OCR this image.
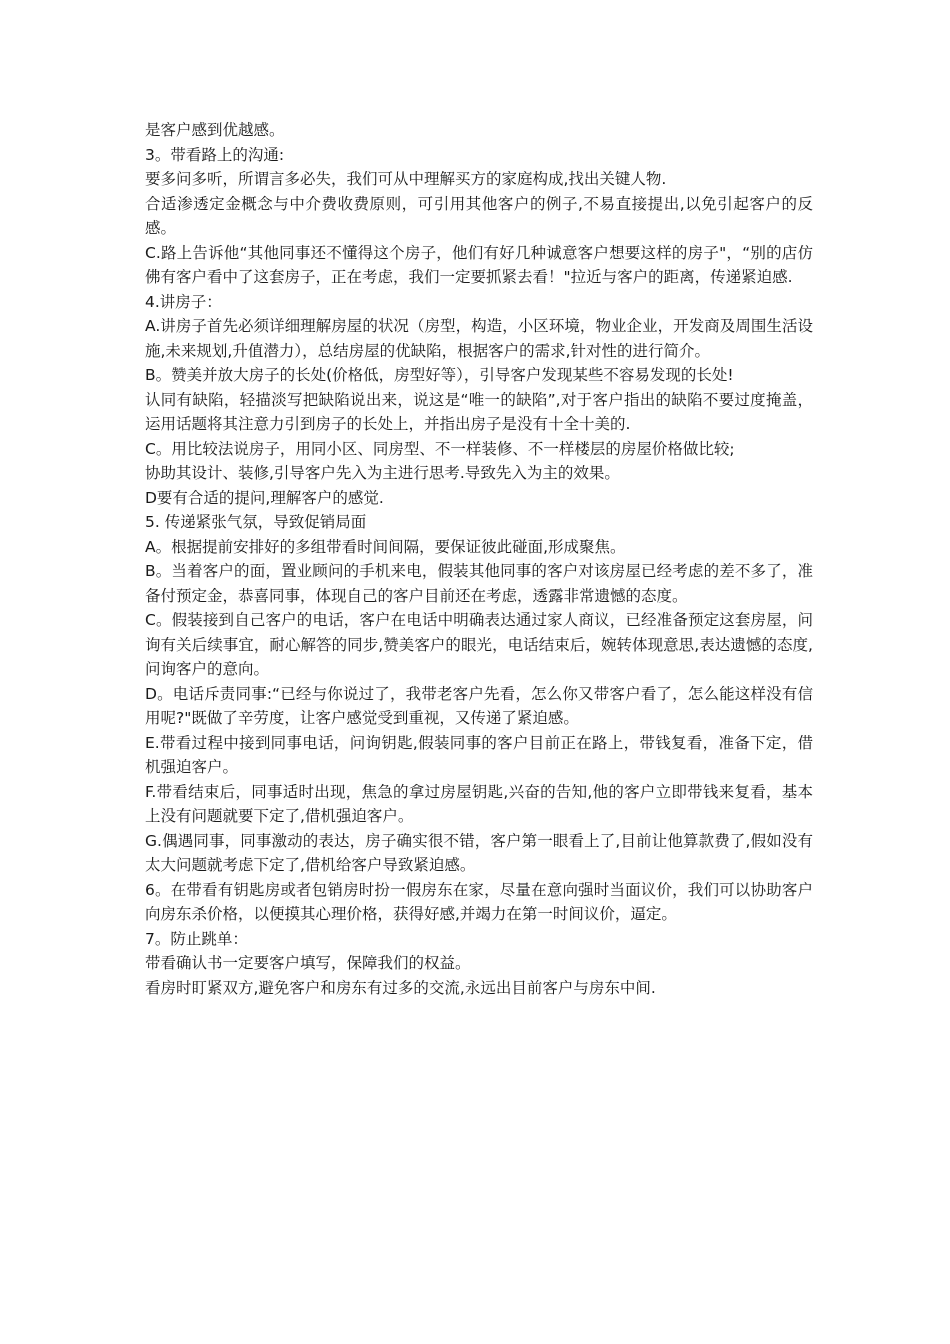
是客户感到优越感。

3。带看路上的沟通:

要多问多听，所谓言多必失，我们可从中理解买方的家庭构成,找出关键人物.

合适渗透定金概念与中介费收费原则，可引用其他客户的例子,不易直接提出,以免引起客户的反感。

C.路上告诉他“其他同事还不懂得这个房子，他们有好几种诚意客户想要这样的房子"，“别的店仿佛有客户看中了这套房子，正在考虑，我们一定要抓紧去看！"拉近与客户的距离，传递紧迫感.

4.讲房子：

A.讲房子首先必须详细理解房屋的状况（房型，构造，小区环境，物业企业，开发商及周围生活设施,未来规划,升值潜力），总结房屋的优缺陷，根据客户的需求,针对性的进行简介。

B。赞美并放大房子的长处(价格低，房型好等），引导客户发现某些不容易发现的长处!

认同有缺陷，轻描淡写把缺陷说出来，说这是“唯一的缺陷”,对于客户指出的缺陷不要过度掩盖，运用话题将其注意力引到房子的长处上，并指出房子是没有十全十美的.

C。用比较法说房子，用同小区、同房型、不一样装修、不一样楼层的房屋价格做比较;

协助其设计、装修,引导客户先入为主进行思考.导致先入为主的效果。

D要有合适的提问,理解客户的感觉.

5. 传递紧张气氛，导致促销局面

A。根据提前安排好的多组带看时间间隔，要保证彼此碰面,形成聚焦。

B。当着客户的面，置业顾问的手机来电，假装其他同事的客户对该房屋已经考虑的差不多了，准备付预定金，恭喜同事，体现自己的客户目前还在考虑，透露非常遗憾的态度。

C。假装接到自己客户的电话，客户在电话中明确表达通过家人商议，已经准备预定这套房屋，问询有关后续事宜，耐心解答的同步,赞美客户的眼光，电话结束后，婉转体现意思,表达遗憾的态度,问询客户的意向。

D。电话斥责同事:“已经与你说过了，我带老客户先看，怎么你又带客户看了，怎么能这样没有信用呢?"既做了辛劳度，让客户感觉受到重视，又传递了紧迫感。

E.带看过程中接到同事电话，问询钥匙,假装同事的客户目前正在路上，带钱复看，准备下定，借机强迫客户。

F.带看结束后，同事适时出现，焦急的拿过房屋钥匙,兴奋的告知,他的客户立即带钱来复看，基本上没有问题就要下定了,借机强迫客户。

G.偶遇同事，同事激动的表达，房子确实很不错，客户第一眼看上了,目前让他算款费了,假如没有太大问题就考虑下定了,借机给客户导致紧迫感。

6。在带看有钥匙房或者包销房时扮一假房东在家，尽量在意向强时当面议价，我们可以协助客户向房东杀价格，以便摸其心理价格，获得好感,并竭力在第一时间议价，逼定。

7。防止跳单：

带看确认书一定要客户填写，保障我们的权益。

看房时盯紧双方,避免客户和房东有过多的交流,永远出目前客户与房东中间.
